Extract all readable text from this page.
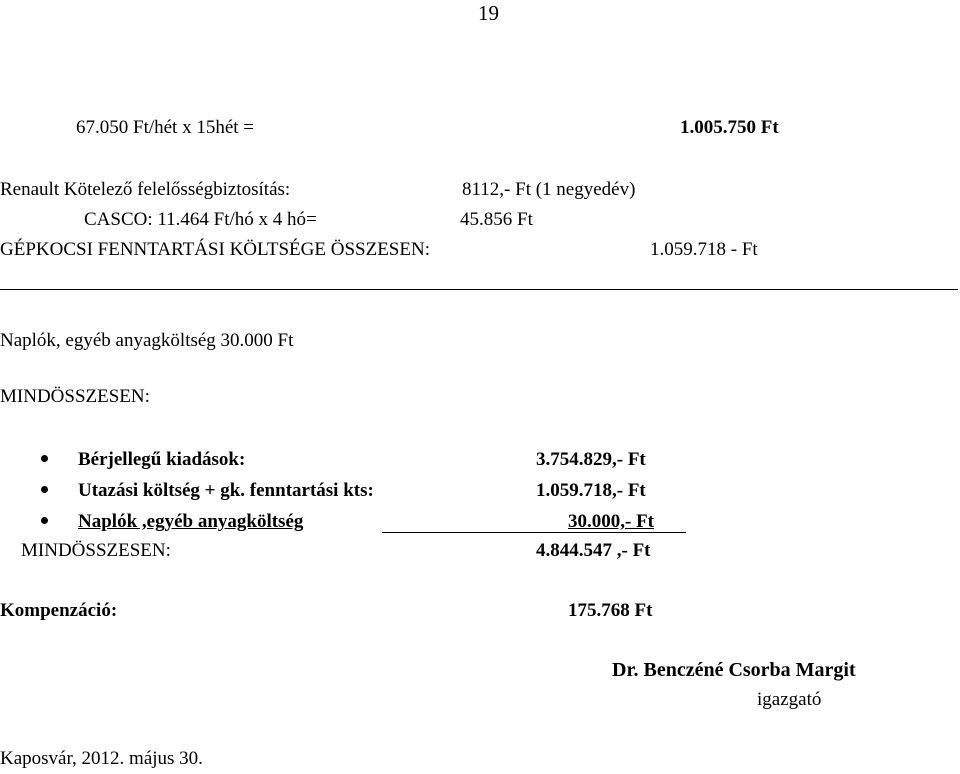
19
67.050 Ft/hét x 15hét =	1.005.750 Ft
Renault Kötelező felelősségbiztosítás:	8112,- Ft (1 negyedév)
CASCO: 11.464 Ft/hó x 4 hó=	45.856 Ft
GÉPKOCSI FENNTARTÁSI KÖLTSÉGE ÖSSZESEN:	1.059.718 - Ft
Naplók, egyéb anyagköltség 30.000 Ft
MINDÖSSZESEN:
Bérjellegű kiadások:	3.754.829,- Ft
Utazási költség + gk. fenntartási kts:	1.059.718,- Ft
Naplók ,egyéb anyagköltség	30.000,- Ft
MINDÖSSZESEN:	4.844.547 ,- Ft
Kompenzáció:	175.768 Ft
Dr. Benczéné Csorba Margit
igazgató
Kaposvár, 2012. május 30.
